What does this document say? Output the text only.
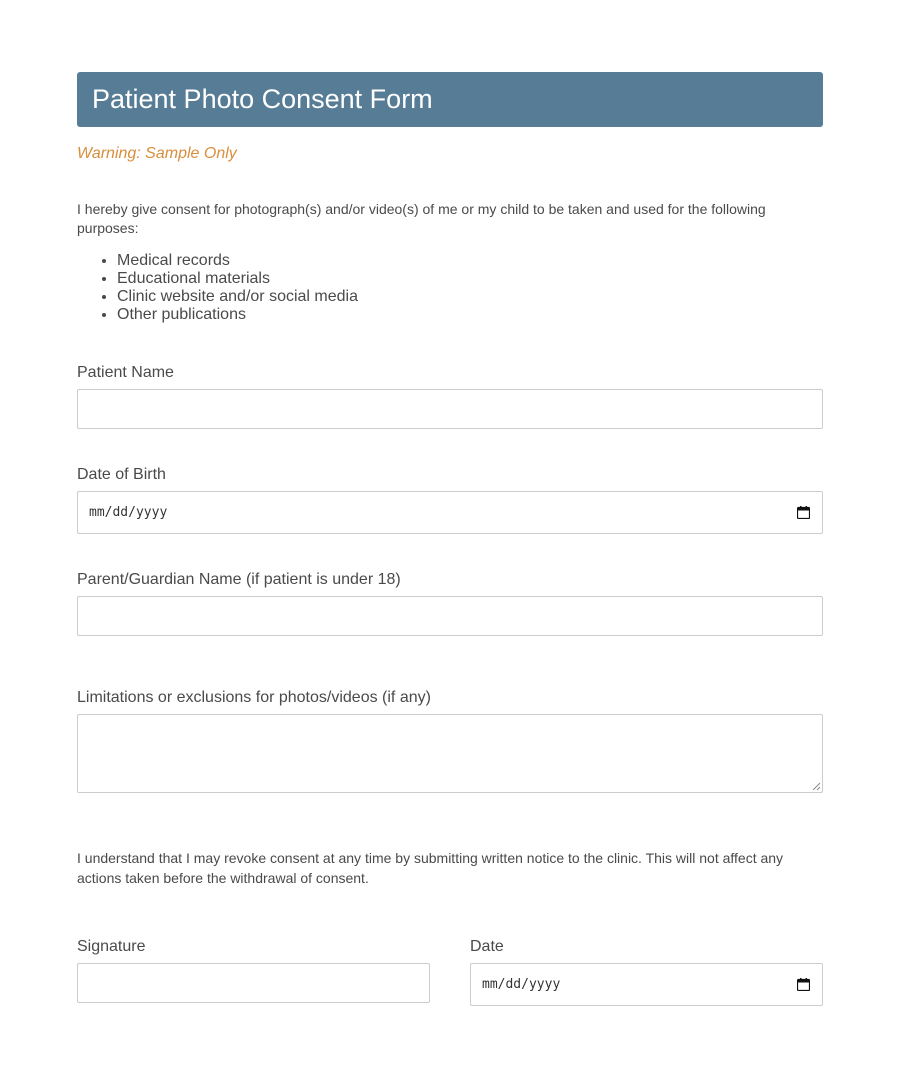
Patient Photo Consent Form
Warning: Sample Only
I hereby give consent for photograph(s) and/or video(s) of me or my child to be taken and used for the following purposes:
• Medical records
• Educational materials
• Clinic website and/or social media
• Other publications
Patient Name
Date of Birth
mm/dd/yyyy
Parent/Guardian Name (if patient is under 18)
Limitations or exclusions for photos/videos (if any)
I understand that I may revoke consent at any time by submitting written notice to the clinic. This will not affect any actions taken before the withdrawal of consent.
Signature	Date
mm/dd/yyyy
